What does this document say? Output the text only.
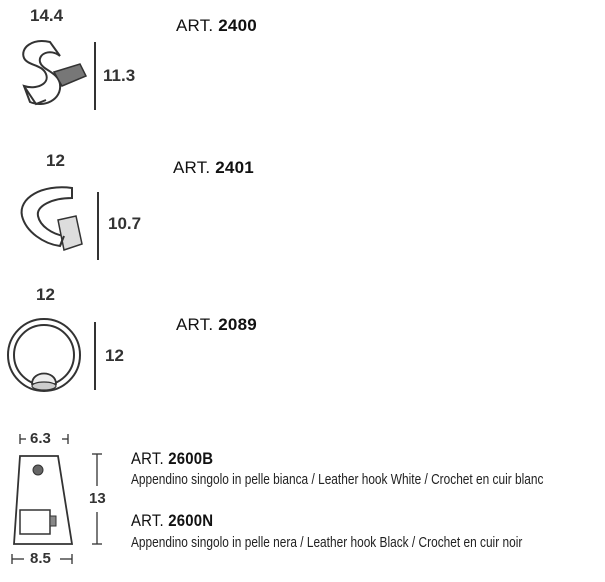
14.4
11.3
ART. 2400
12
10.7
ART. 2401
12
12
ART. 2089
6.3
8.5
13
ART. 2600B
Appendino singolo in pelle bianca / Leather hook White / Crochet en cuir blanc
ART. 2600N
Appendino singolo in pelle nera / Leather hook Black / Crochet en cuir noir
